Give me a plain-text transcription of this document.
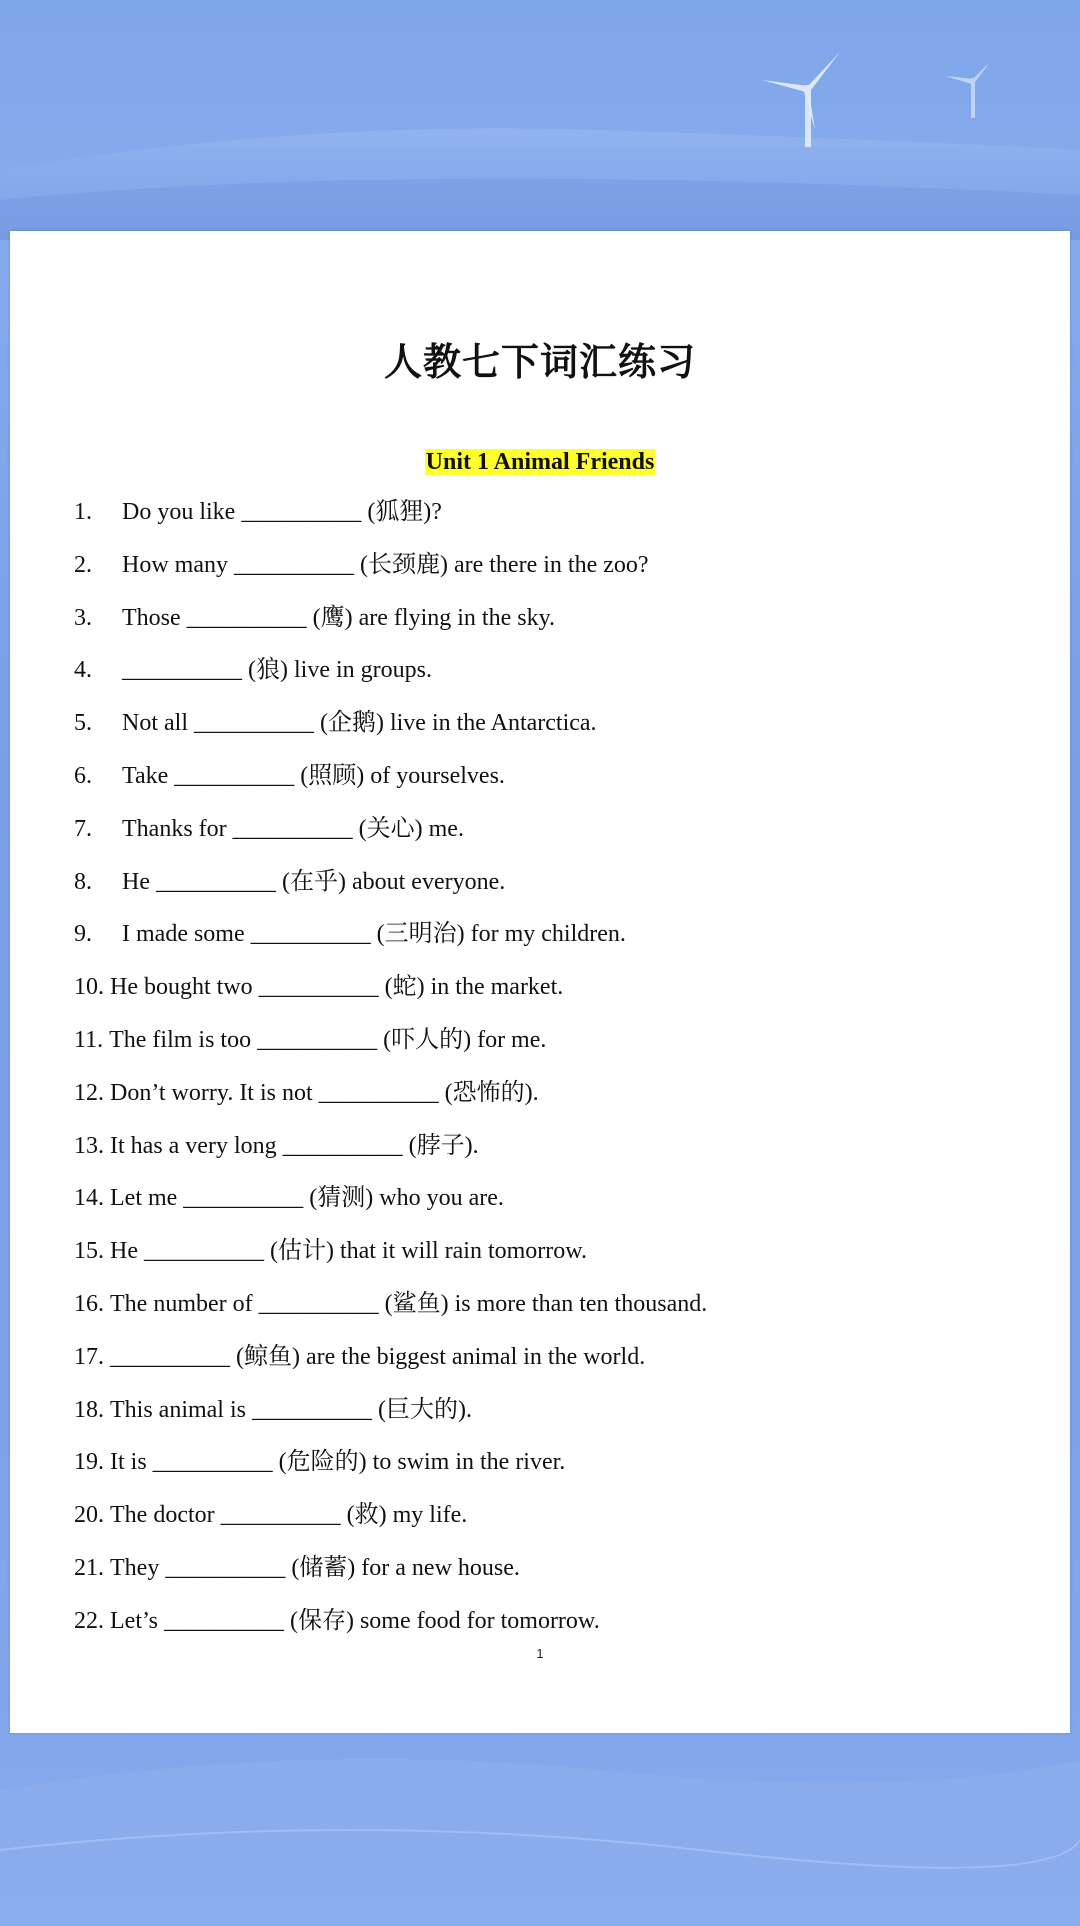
人教七下词汇练习
Unit 1 Animal Friends
1.	Do you like __________ (狐狸)?
2.	How many __________ (长颈鹿) are there in the zoo?
3.	Those __________ (鹰) are flying in the sky.
4.	__________ (狼) live in groups.
5.	Not all __________ (企鹅) live in the Antarctica.
6.	Take __________ (照顾) of yourselves.
7.	Thanks for __________ (关心) me.
8.	He __________ (在乎) about everyone.
9.	I made some __________ (三明治) for my children.
10. He bought two __________ (蛇) in the market.
11. The film is too __________ (吓人的) for me.
12. Don’t worry. It is not __________ (恐怖的).
13. It has a very long __________ (脖子).
14. Let me __________ (猜测) who you are.
15. He __________ (估计) that it will rain tomorrow.
16. The number of __________ (鲨鱼) is more than ten thousand.
17. __________ (鲸鱼) are the biggest animal in the world.
18. This animal is __________ (巨大的).
19. It is __________ (危险的) to swim in the river.
20. The doctor __________ (救) my life.
21. They __________ (储蓄) for a new house.
22. Let’s __________ (保存) some food for tomorrow.
1
